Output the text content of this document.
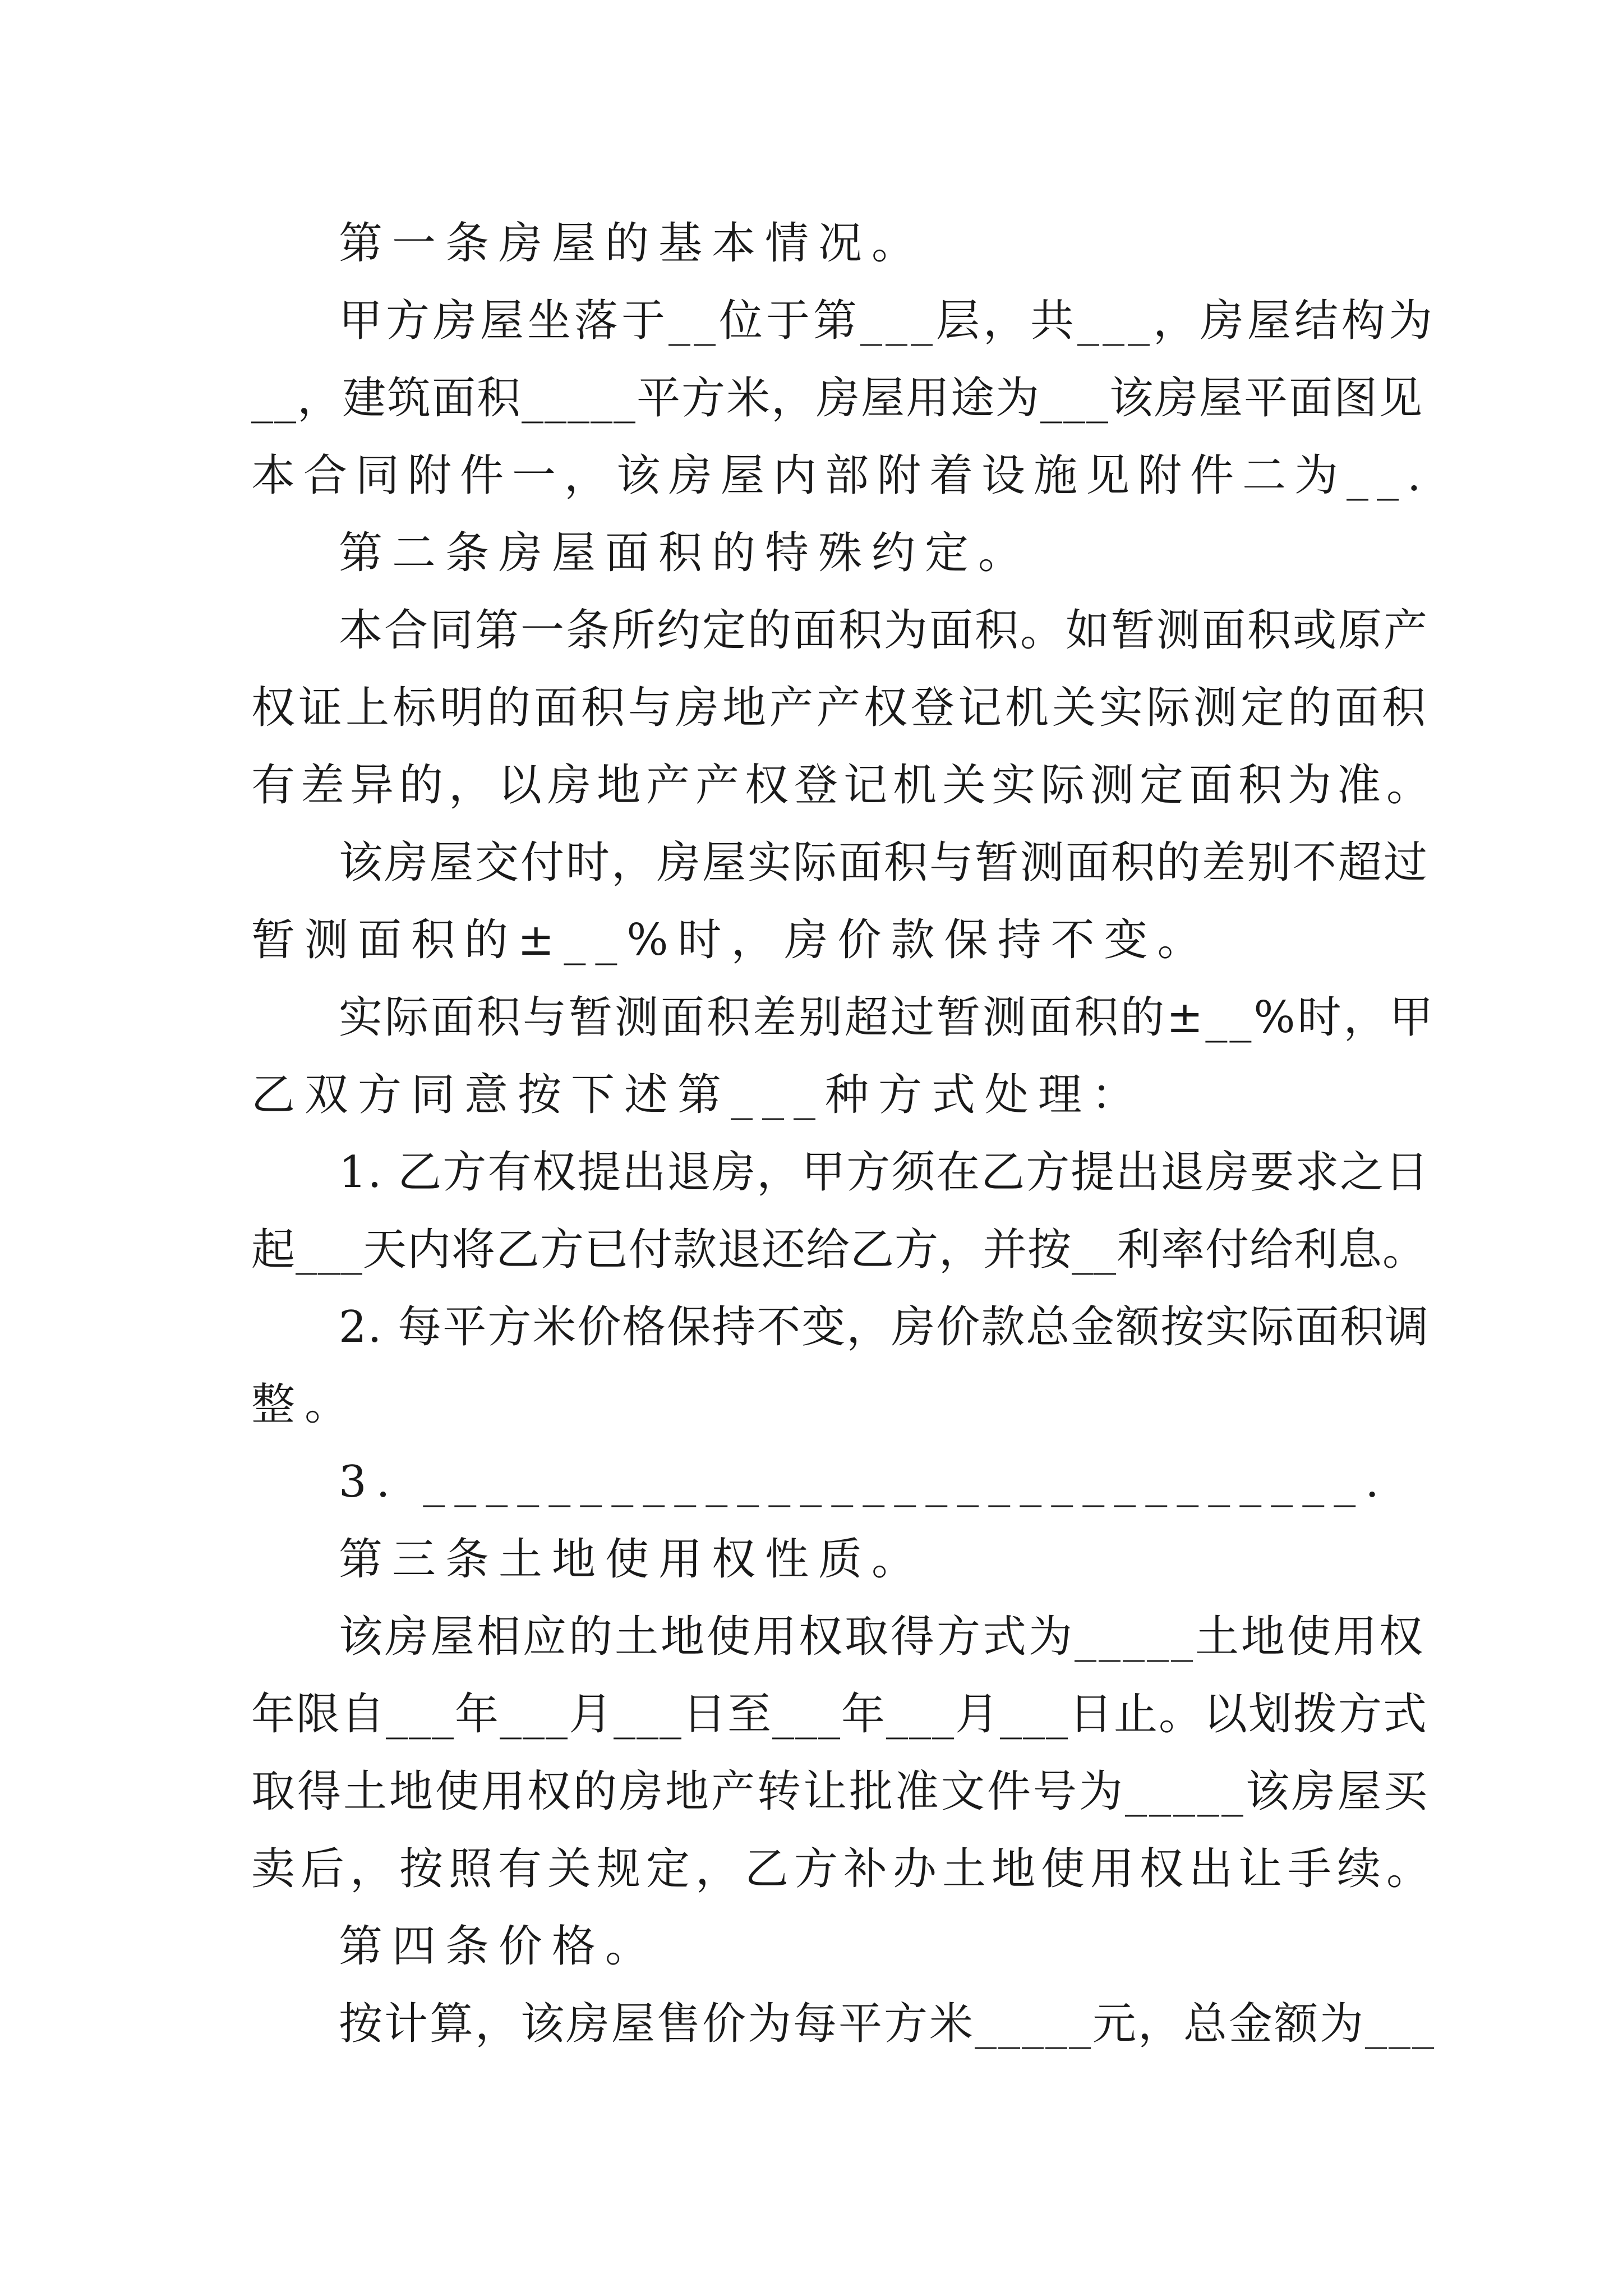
第一条房屋的基本情况。
甲方房屋坐落于__位于第___层，共___，房屋结构为
__，建筑面积_____平方米，房屋用途为___该房屋平面图见
本合同附件一，该房屋内部附着设施见附件二为__.
第二条房屋面积的特殊约定。
本合同第一条所约定的面积为面积。如暂测面积或原产
权证上标明的面积与房地产产权登记机关实际测定的面积
有差异的，以房地产产权登记机关实际测定面积为准。
该房屋交付时，房屋实际面积与暂测面积的差别不超过
暂测面积的±__%时，房价款保持不变。
实际面积与暂测面积差别超过暂测面积的±__%时，甲
乙双方同意按下述第___种方式处理：
1. 乙方有权提出退房，甲方须在乙方提出退房要求之日
起___天内将乙方已付款退还给乙方，并按__利率付给利息。
2. 每平方米价格保持不变，房价款总金额按实际面积调
整。
3. ______________________________.
第三条土地使用权性质。
该房屋相应的土地使用权取得方式为_____土地使用权
年限自___年___月___日至___年___月___日止。以划拨方式
取得土地使用权的房地产转让批准文件号为_____该房屋买
卖后，按照有关规定，乙方补办土地使用权出让手续。
第四条价格。
按计算，该房屋售价为每平方米_____元，总金额为___
